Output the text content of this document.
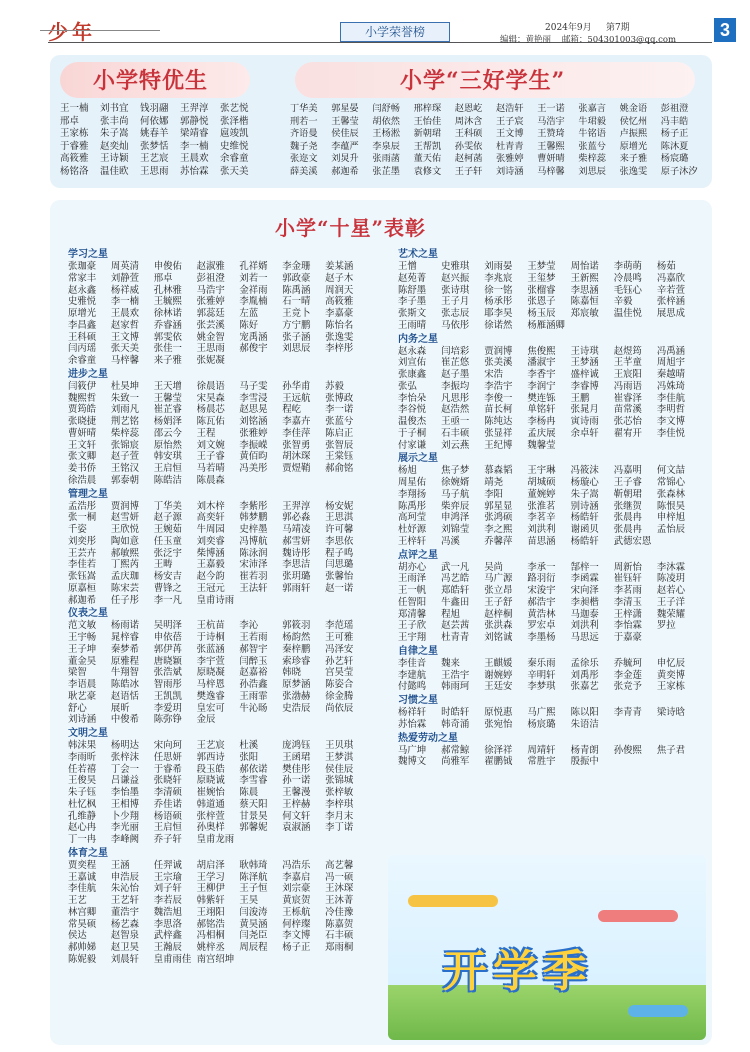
少年	小学荣誉榜	2024年9月 第7期	3
编辑：黄艳丽 邮箱：504301003@qq.com
小学特优生	小学“三好学生”
王一楠	刘书宜	钱羽翮	王羿淳	张艺悦
邢卓	张丰尚	何依娜	郭静悦	张泽楷
王家栋	朱子嵩	姚春羊	梁靖睿	扈竣凯
于睿雅	赵奕灿	张梦恬	李一楠	史维悦
高筱雅	王诗颖	王艺宸	王晨欢	余睿童
杨铭洛	温佳欧	王思雨	苏怡霖	张天美
丁华美	郭星晏	闫舒畅	邢梓琛	赵恩屹	赵浩轩	王一诺	张嘉言	姚金语	彭祖澄
刑若一	王馨莹	胡依然	王怡佳	周沐含	王子宸	马浩宇	牛珺毅	侯忆州	冯丰皓
齐语曼	侯佳辰	王杨淞	新朝珺	王科硕	王文博	王赞琦	牛铭语	卢振熙	杨子正
魏子尧	李蕴严	李泉辰	王帮凯	孙雯依	杜青青	王馨熙	张蓝兮	原增光	陈沐夏
张迩文	刘炅升	张雨菡	董天佑	赵柯菡	张雅婷	曹妍晴	柴梓蕊	来子雅	杨宸璐
薛美溪	郝迦希	张芷墨	袁修文	王子轩	刘诗涵	马梓馨	刘思辰	张逸雯	原子沐汐
小学“十星”表彰
学习之星
张珈豪	周英清	申俊佑	赵淑雅	孔祥婿	李金珊	姜某涵
常家丰	刘静萱	邢卓	彭祖澄	刘若一	郭政豪	赵子木
赵永鑫	杨祥威	孔林雅	马浩宇	金祥雨	陈禹涵	周润天
史雅悦	李一楠	王毓熙	张雅婷	李胤楠	石一晴	高筱雅
原增光	王晨欢	徐林诺	郭蕊廷	左蓝	王竞卜	李嘉豪
李昌鑫	赵家哲	乔睿涵	张芸溪	陈好	方宁鹏	陈怡名
王科硕	王文博	郭雯依	姚金智	宠禹涵	张子涵	张逸雯
闫丙瑶	张天美	张佳一	王思雨	郝俊宇	刘思辰	李梓彤
余睿童	马梓馨	来子雅	张妮凝
进步之星
闫筱伊	杜昊坤	王天增	徐晨语	马子雯	孙华甫	苏毅
魏熙哲	朱致一	王馨莹	宋昊森	李雪浸	王远航	张博政
贾筠皓	刘雨凡	崔芷睿	杨晨芯	赵思晃	程屹	李一诺
张晓捷	荆艺铭	杨娟泽	陈瓦佑	刘铭涵	李嘉卉	张蓝兮
曹妍晴	柴梓蕊	邵云今	王程	张雅婷	李佳萍	陈启正
王文轩	张锦宸	原怡然	刘文婉	李振嵘	张智勇	张智辰
张文卿	赵子萱	韩安琪	王子睿	黄佰昀	胡沐琛	王棠钰
姜书侨	王铭汉	王启恒	马若晴	冯美彤	贾煜鞘	郝俞铭
徐浩晨	郭泰朝	陈皓洁	陈晨森
管理之星
孟浩彤	贾润博	丁华美	刘木梓	李紫彤	王羿淳	杨安妮
张一桐	赵雪妍	赵子源	高奕轩	韩梦鹏	郭必淼	王思淇
千姿	王欣悦	王婉茹	牛周园	史梓墨	马靖凌	许可馨
刘奕彤	陶如意	任玉童	刘奕睿	冯博航	郝雪妍	李思依
王芸卉	郝敏熙	张泛宇	柴博涵	陈泳润	魏诗彤	程子鸣
李佳若	丁熙芮	王畴	王嘉毅	宋沛泽	李思洁	闫思璐
张钰嵩	孟庆珈	杨安吉	赵今韵	崔若羽	张玥璐	张馨怡
原嘉桓	陈宋芸	曹锋之	王冠元	王法轩	郭雨轩	赵一诺
郝迦希	任子彤	李一凡	皇甫诗雨
仪表之星
范文敏	杨雨诺	吴明泽	王杭苗	李沁	郭筱羽	李范瑶
王宇畅	晁梓睿	申依蓓	于诗桐	王若雨	杨韵然	王可雅
王子坤	秦梦希	郭伊苒	张蓝涵	郝智宇	秦梓鹏	冯泽安
董金昊	原雅程	唐晓颖	李宇萱	闫醉玉	索珍睿	孙艺轩
梁智	牛翔智	张浩斌	原晓凝	赵嘉裕	韩晓	宫昊莹
李语晨	陈皓冰	智雨彤	马梓恩	孙浩鑫	原梦涵	陈姿合
耿艺豪	赵语恬	王凯凯	樊逸睿	王雨霏	张渤赫	徐金腾
舒心	展昕	李爱玥	皇宏可	牛沁旸	史浩辰	尚依辰
刘诗涵	中俊希	陈弥铮	金辰
文明之星
韩沫果	杨明达	宋向珂	王艺宸	杜溪	庞鸿钰	王贝琪
李雨昕	张梓沫	任思妍	郭西诗	张阳	王函珺	王梦淇
任若禧	丁会一	于睿希	段玉皓	郝依诺	樊佳彤	侯佳辰
王俊昊	吕谦益	张晓轩	原晓诚	李雪睿	孙一诺	张锦城
朱子钰	李怡墨	李清硕	崔婉怡	陈晨	王馨漫	张梓敏
杜忆枫	王相博	乔佳诺	韩道通	蔡天阳	王梓赫	李梓琪
孔维静	卜少翔	杨语硕	张梓萱	甘景昊	何文轩	李月末
赵心冉	李光丽	王启恒	孙奥样	郭馨妮	袁淑涵	李丁诺
丁一冉	李峰阙	乔子轩	皇甫龙雨
体育之星
贾奕程	王涵	任羿诚	胡启泽	耿韩琦	冯浩乐	高艺馨
王嘉诚	申浩辰	王宗瑜	王学习	陈泽航	李嘉启	冯一硕
李佳航	朱沁怡	刘子轩	王柳伊	王子恒	刘宗豪	王沐琛
王艺	王艺轩	李若辰	韩紫轩	王昊	黄宸贺	王沐菁
林宫卿	董浩宇	魏浩旭	王翊阳	闫浚涛	王栎航	冷佳豫
常昊硕	杨艺森	李思洛	郝铭浩	黄昊涵	何梓璨	陈嘉贺
侯达	赵智泉	武梓鑫	冯相桐	闫尧臣	李文博	石丰硕
郝帅娣	赵卫昊	王瀚辰	姚梓丞	周辰程	杨子正	郑雨桐
陈妮毅	刘晨轩	皇甫雨佳 南宫绍坤
艺术之星
王憎	史雅琪	刘雨晏	王梦莹	周怡诺	李萌萌	杨茹
赵苑菁	赵兴振	李兆宸	王玺梦	王新熙	冷晨鸣	冯嘉欣
陈舒墨	张诗琪	徐一铭	张榴睿	李思涵	毛钰心	辛若萱
李子墨	王子月	杨承彤	张恩子	陈嘉恒	辛毅	张梓涵
张斯文	张志辰	耶李昊	杨玉辰	郑宸敏	温佳悦	展思成
王雨晴	马依彤	徐诺然	杨雁涵卿
内务之星
赵永森	闫培彩	贾润博	焦俊熙	王诗琪	赵煜筠	冯禹涵
刘宣佑	崔芷悠	张美溪	潘淑宇	王梦涵	王芊童	周旭宇
张康鑫	赵子墨	宋浩	李香宇	盛梓诚	王宸阳	秦越晴
张弘	李振均	李浩宇	李润宁	李睿博	冯雨语	冯姝琦
李怡朵	凡思彤	李俊一	樊连铄	王鹏	崔睿泽	李佳航
李谷悦	赵浩然	苗长柯	单铭轩	张晁月	苗常溪	李明哲
温俊杰	王亟一	陈纯达	李杨冉	寅诗雨	张芯怡	李文博
于子桐	石丰硕	张显祥	孟庆展	余卓轩	翟宥开	李佳悦
付家谦	刘云燕	王纪博	魏馨莹
展示之星
杨旭	焦子梦	慕森韬	王宇琳	冯筱沫	冯嘉明	何文喆
周星佑	徐婉婿	靖尧	胡城硕	杨璇心	王子睿	常锦心
李翔扬	马子航	李阳	董婉婷	朱子嵩	靳朝珺	张森林
陈禹彤	柴弈辰	郭星显	张淮茗	别诗涵	张继贺	陈恨昊
高珂莹	申鸿泽	张鸿硕	李茗辛	杨皓轩	张晨冉	申梓旭
杜妤源	刘锦莹	李之熙	刘洪利	谢函贝	张晨冉	孟怡辰
王梓轩	冯溪	乔馨萍	苗思涵	杨皓轩	武德宏恩
点评之星
胡亦心	武一凡	吴尚	李承一	郜梓一	周新怡	李沐霖
王雨泽	冯艺皓	马广源	路羽衍	李函霖	崔钰轩	陈凌玥
王一帆	郑皓轩	张立昂	宋浚宇	宋向泽	李茗雨	赵若心
任智阳	牛鑫田	王子舒	郝浩宇	李昶楷	李清玉	王子洋
郑清馨	程旭	赵梓桐	黄浩林	马迦泰	王梓潇	魏荣耀
王子欣	赵芸茜	张洪森	罗宏卓	刘洪利	李怡霖	罗拉
王宇翔	杜青青	刘铭诚	李墨杨	马思远	于嘉豪
自律之星
李佳音	魏来	王麒媛	秦乐雨	孟徐乐	乔毓珂	申忆辰
李建航	王浩宇	谢婉婷	辛明轩	刘禹彤	李金莲	黄奕博
付懿鸣	韩雨珂	王廷安	李梦琪	张嘉艺	张竞予	王家栋
习惯之星
杨祥轩	时皓轩	原悦惠	马广熙	陈以阳	李青青	梁诗晗
苏怡霖	韩奇涌	张宛怡	杨宸璐	朱语洁
热爱劳动之星
马广坤	郝常鲸	徐泽祥	周靖轩	杨青朗	孙俊熙	焦子君
魏博文	尚雅军	翟鹏钺	常胜宇	殷振中
开学季
